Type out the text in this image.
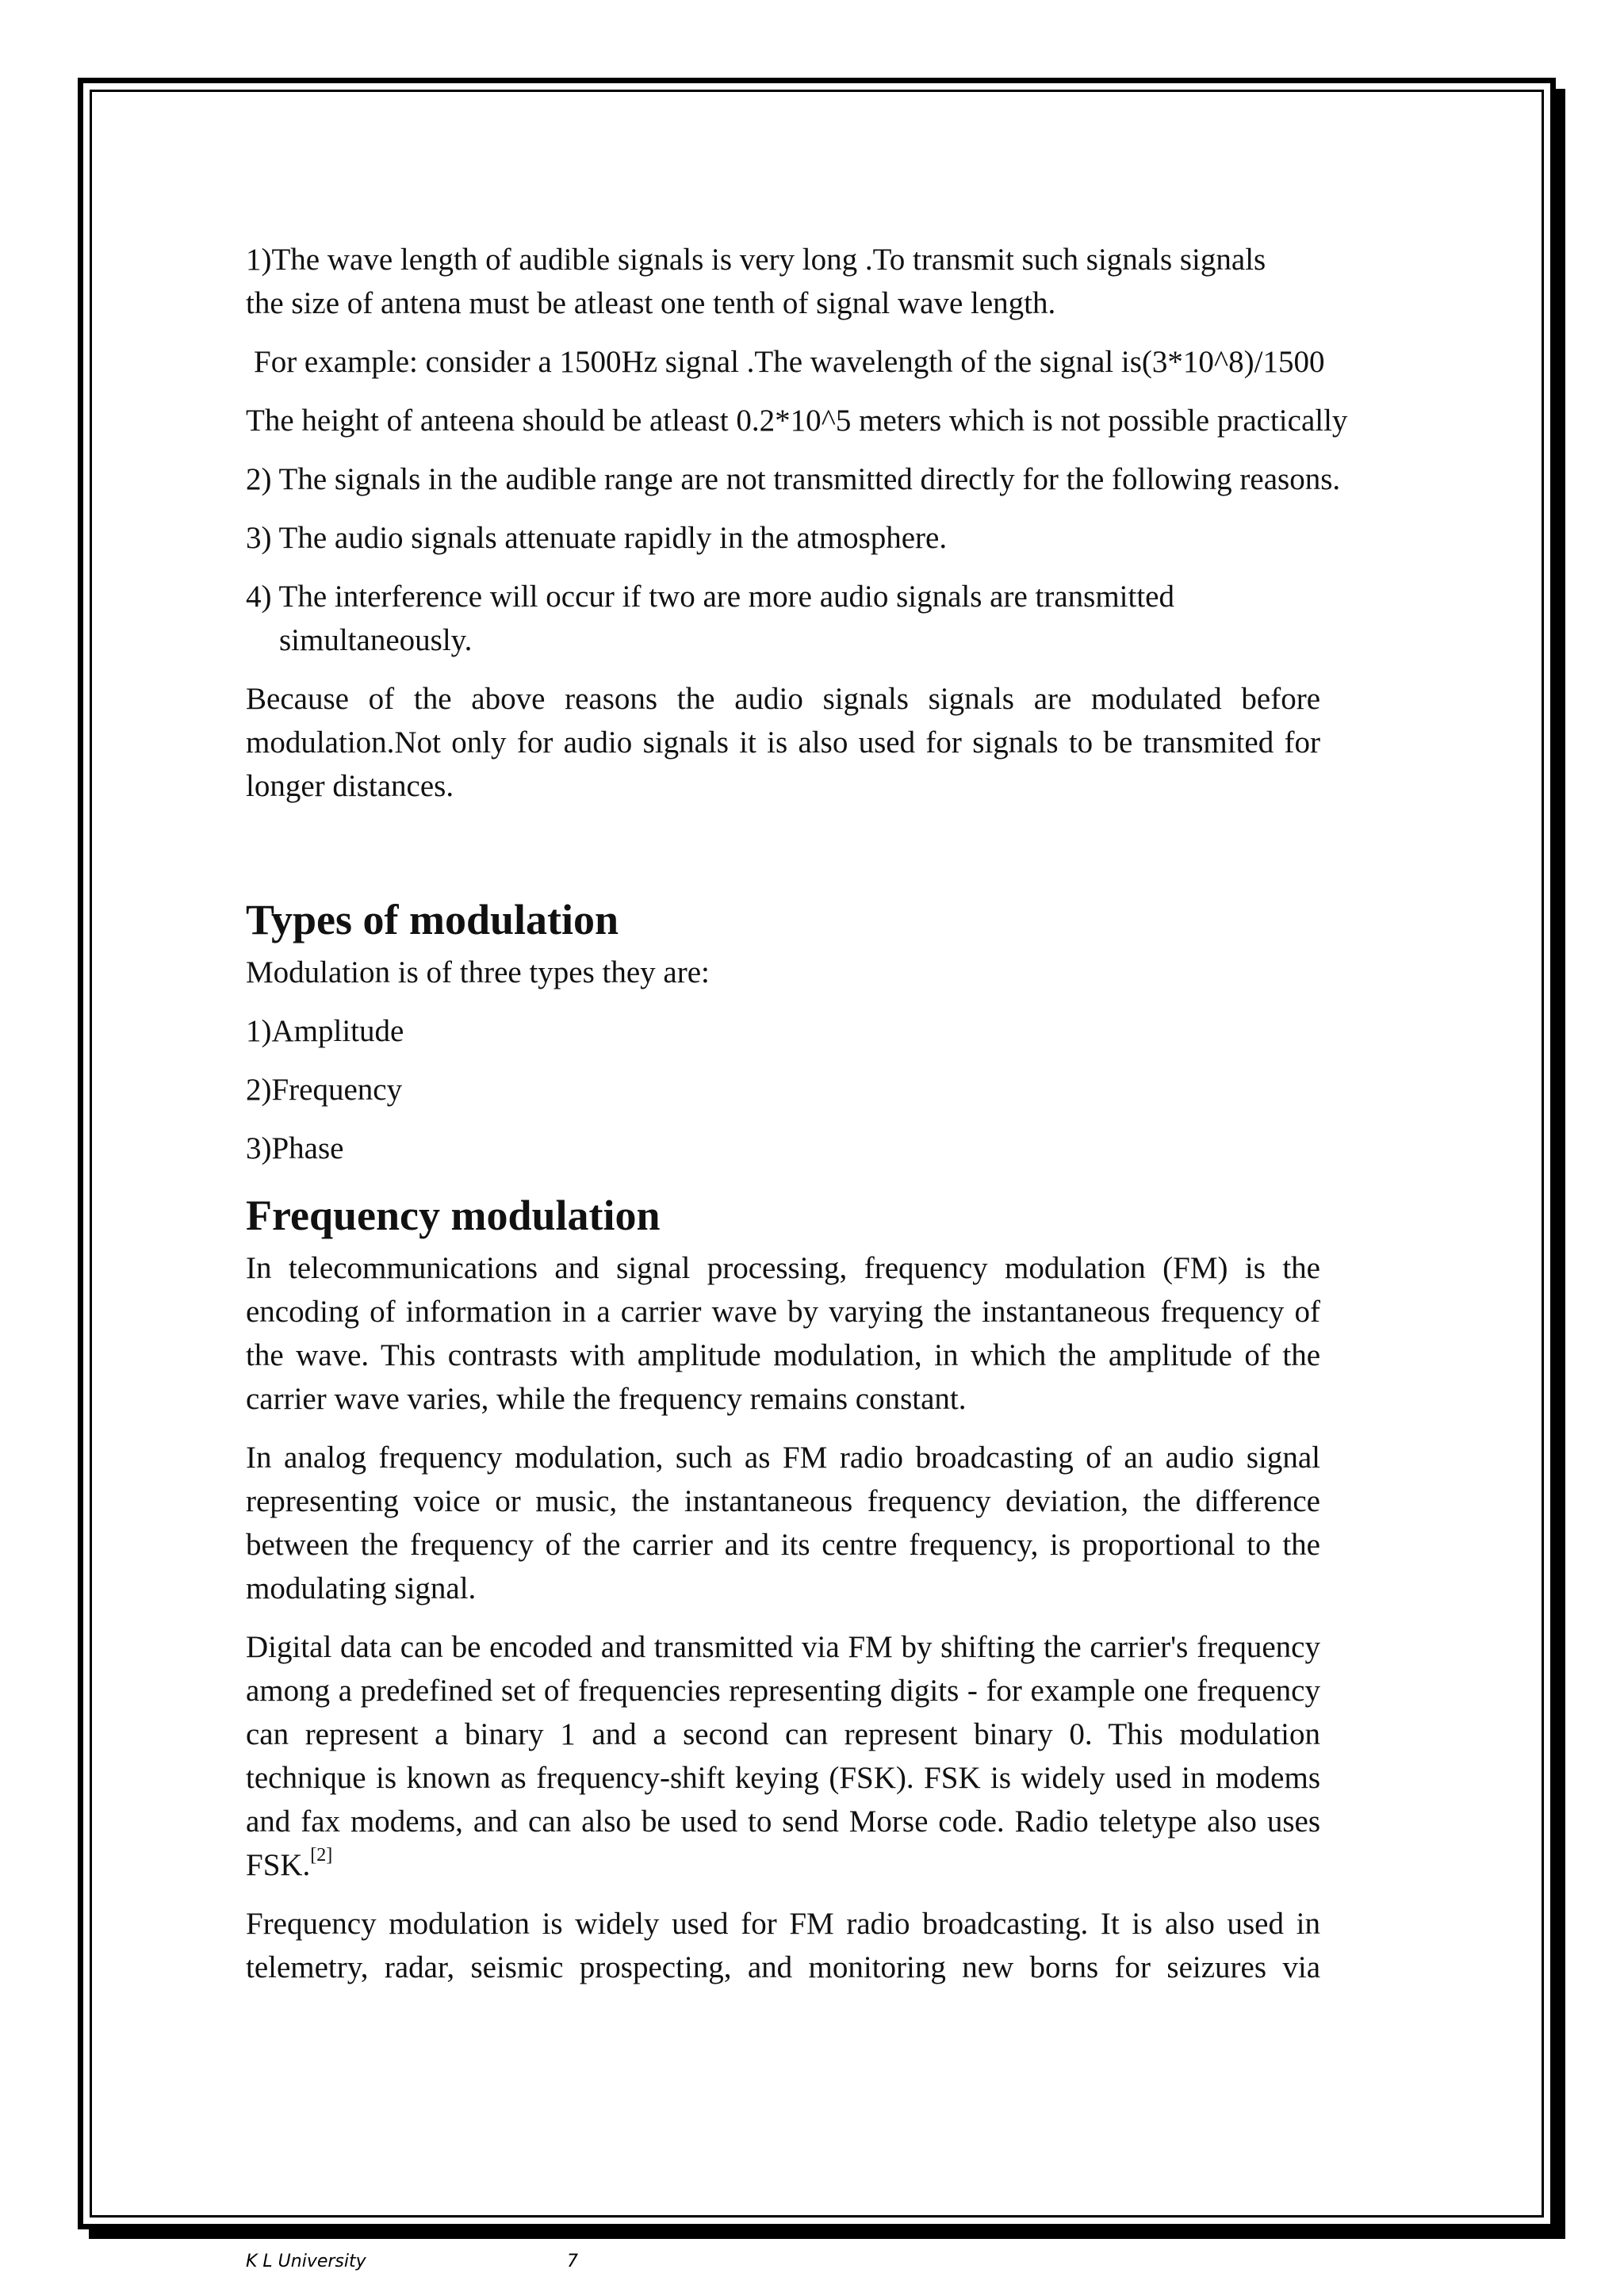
1)The wave length of audible signals is very long .To transmit such signals signals

the size of antena must be atleast one tenth of signal wave length.

For example: consider a 1500Hz signal .The wavelength of the signal is(3*10^8)/1500

The height of anteena should be atleast 0.2*10^5 meters which is not possible practically

2) The signals in the audible range are not transmitted directly for the following reasons.

3) The audio signals attenuate rapidly in the atmosphere.

4) The interference will occur if two are more audio signals are transmitted simultaneously.

Because of the above reasons the audio signals signals are modulated before modulation.Not only for audio signals it is also used for signals to be transmited for longer distances.

Types of modulation

Modulation is of three types they are:

1)Amplitude

2)Frequency

3)Phase

Frequency modulation

In telecommunications and signal processing, frequency modulation (FM) is the encoding of information in a carrier wave by varying the instantaneous frequency of the wave. This contrasts with amplitude modulation, in which the amplitude of the carrier wave varies, while the frequency remains constant.

In analog frequency modulation, such as FM radio broadcasting of an audio signal representing voice or music, the instantaneous frequency deviation, the difference between the frequency of the carrier and its centre frequency, is proportional to the modulating signal.

Digital data can be encoded and transmitted via FM by shifting the carrier's frequency among a predefined set of frequencies representing digits - for example one frequency can represent a binary 1 and a second can represent binary 0. This modulation technique is known as frequency-shift keying (FSK). FSK is widely used in modems and fax modems, and can also be used to send Morse code. Radio teletype also uses FSK.[2]

Frequency modulation is widely used for FM radio broadcasting. It is also used in telemetry, radar, seismic prospecting, and monitoring new borns for seizures via

K L University	7
